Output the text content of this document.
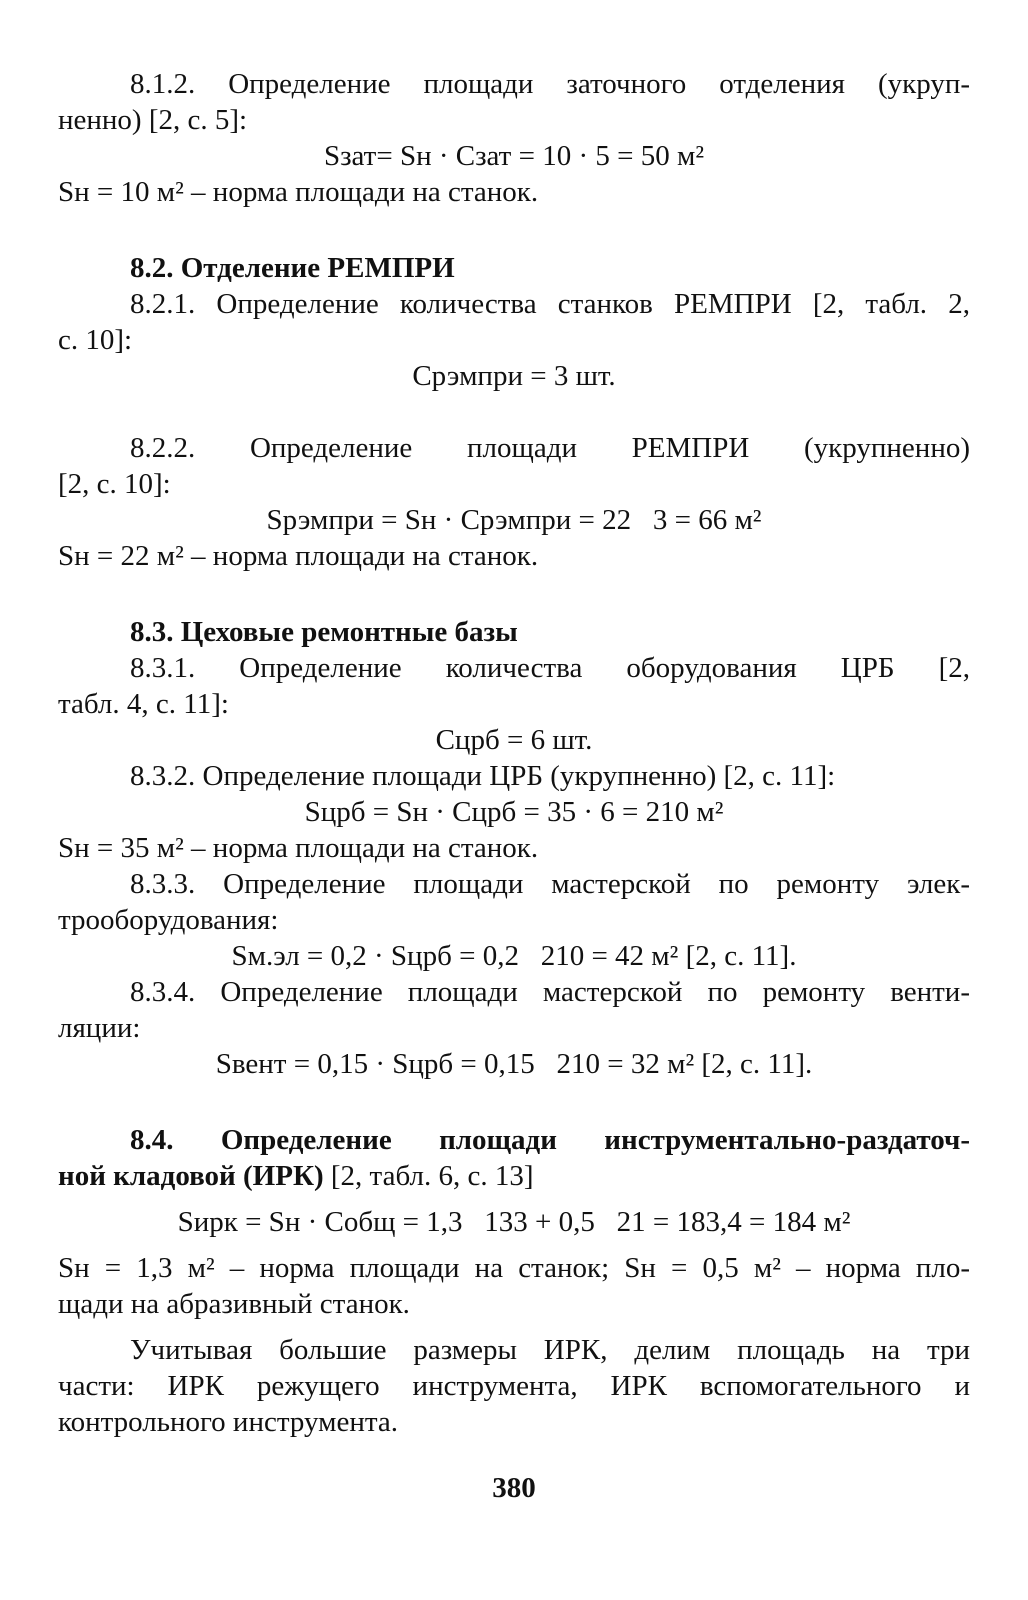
8.1.2. Определение площади заточного отделения (укруп-

ненно) [2, с. 5]:

Sзат= Sн · Сзат = 10 · 5 = 50 м²

Sн = 10 м² – норма площади на станок.

8.2. Отделение РЕМПРИ

8.2.1. Определение количества станков РЕМПРИ [2, табл. 2,

с. 10]:

Срэмпри = 3 шт.

8.2.2. Определение площади РЕМПРИ (укрупненно)

[2, с. 10]:

Sрэмпри = Sн · Срэмпри = 22   3 = 66 м²

Sн = 22 м² – норма площади на станок.

8.3. Цеховые ремонтные базы

8.3.1. Определение количества оборудования ЦРБ [2,

табл. 4, с. 11]:

Сцрб = 6 шт.

8.3.2. Определение площади ЦРБ (укрупненно) [2, с. 11]:

Sцрб = Sн · Сцрб = 35 · 6 = 210 м²

Sн = 35 м² – норма площади на станок.

8.3.3. Определение площади мастерской по ремонту элек-

трооборудования:

Sм.эл = 0,2 · Sцрб = 0,2   210 = 42 м² [2, с. 11].

8.3.4. Определение площади мастерской по ремонту венти-

ляции:

Sвент = 0,15 · Sцрб = 0,15   210 = 32 м² [2, с. 11].

8.4. Определение площади инструментально-раздаточ-

ной кладовой (ИРК) [2, табл. 6, с. 13]

Sирк = Sн · Собщ = 1,3   133 + 0,5   21 = 183,4 = 184 м²

Sн = 1,3 м² – норма площади на станок; Sн = 0,5 м² – норма пло-

щади на абразивный станок.

Учитывая большие размеры ИРК, делим площадь на три

части: ИРК режущего инструмента, ИРК вспомогательного и

контрольного инструмента.

380
